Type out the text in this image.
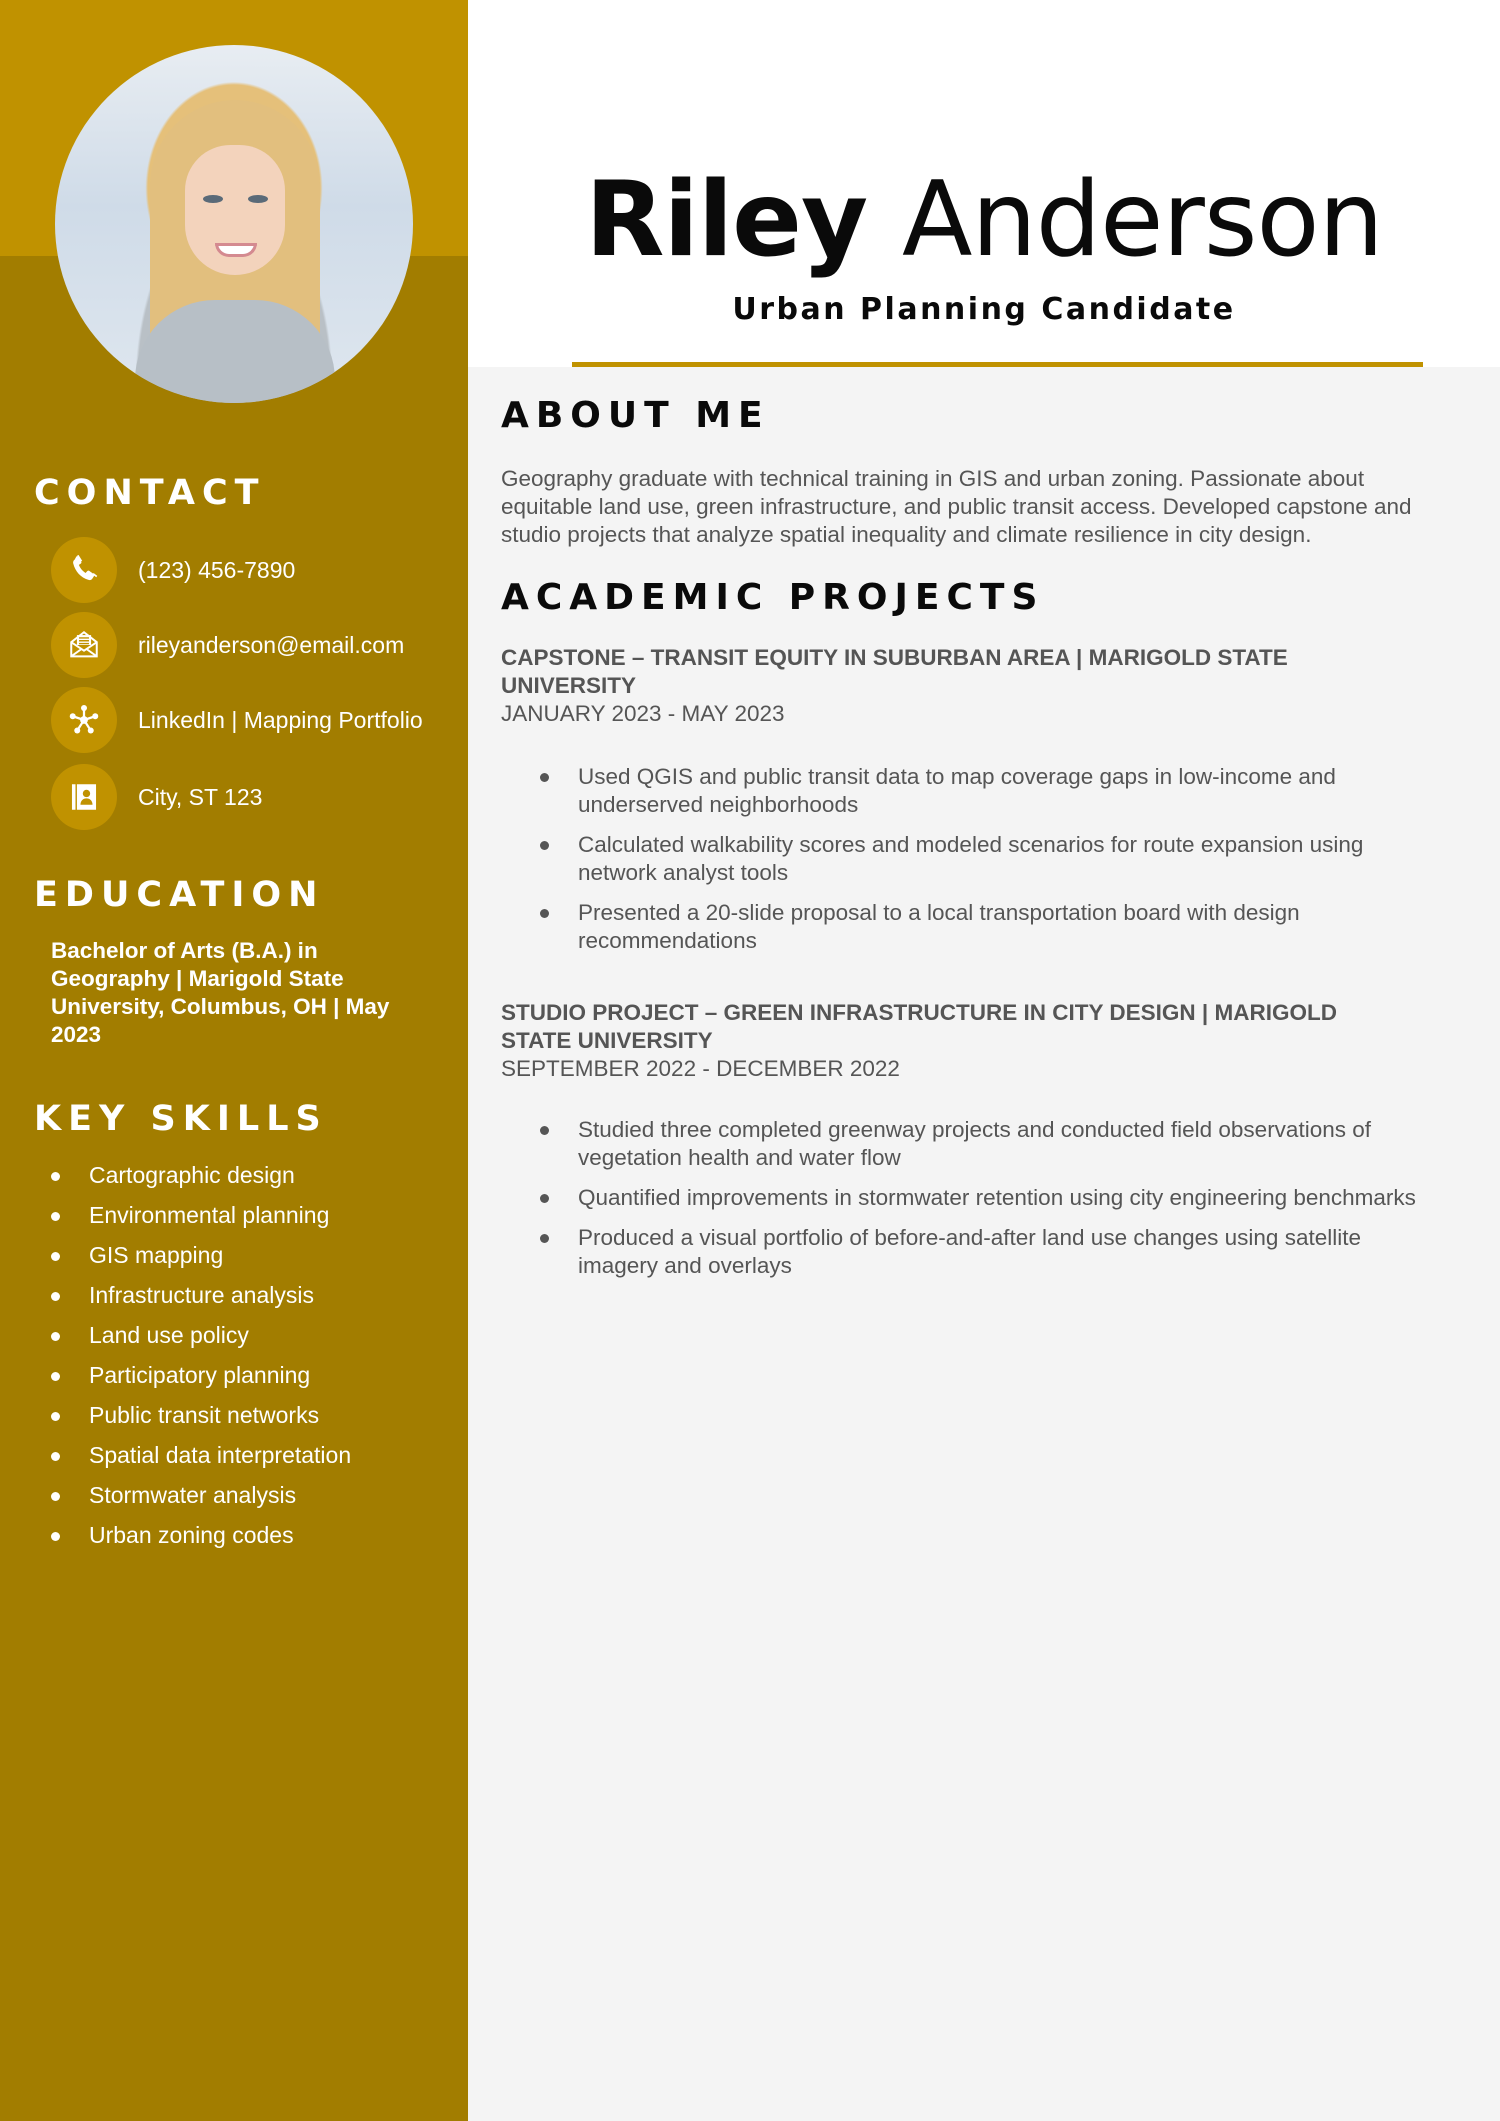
CONTACT
(123) 456-7890
rileyanderson@email.com
LinkedIn | Mapping Portfolio
City, ST 123
EDUCATION

Bachelor of Arts (B.A.) in Geography | Marigold State University, Columbus, OH | May 2023

KEY SKILLS
Cartographic design
Environmental planning
GIS mapping
Infrastructure analysis
Land use policy
Participatory planning
Public transit networks
Spatial data interpretation
Stormwater analysis
Urban zoning codes
Riley Anderson
Urban Planning Candidate
ABOUT ME

Geography graduate with technical training in GIS and urban zoning. Passionate about equitable land use, green infrastructure, and public transit access. Developed capstone and studio projects that analyze spatial inequality and climate resilience in city design.

ACADEMIC PROJECTS
CAPSTONE – TRANSIT EQUITY IN SUBURBAN AREA | MARIGOLD STATE UNIVERSITY
JANUARY 2023 - MAY 2023
Used QGIS and public transit data to map coverage gaps in low-income and underserved neighborhoods
Calculated walkability scores and modeled scenarios for route expansion using network analyst tools
Presented a 20-slide proposal to a local transportation board with design recommendations
STUDIO PROJECT – GREEN INFRASTRUCTURE IN CITY DESIGN | MARIGOLD STATE UNIVERSITY
SEPTEMBER 2022 - DECEMBER 2022
Studied three completed greenway projects and conducted field observations of vegetation health and water flow
Quantified improvements in stormwater retention using city engineering benchmarks
Produced a visual portfolio of before-and-after land use changes using satellite imagery and overlays
